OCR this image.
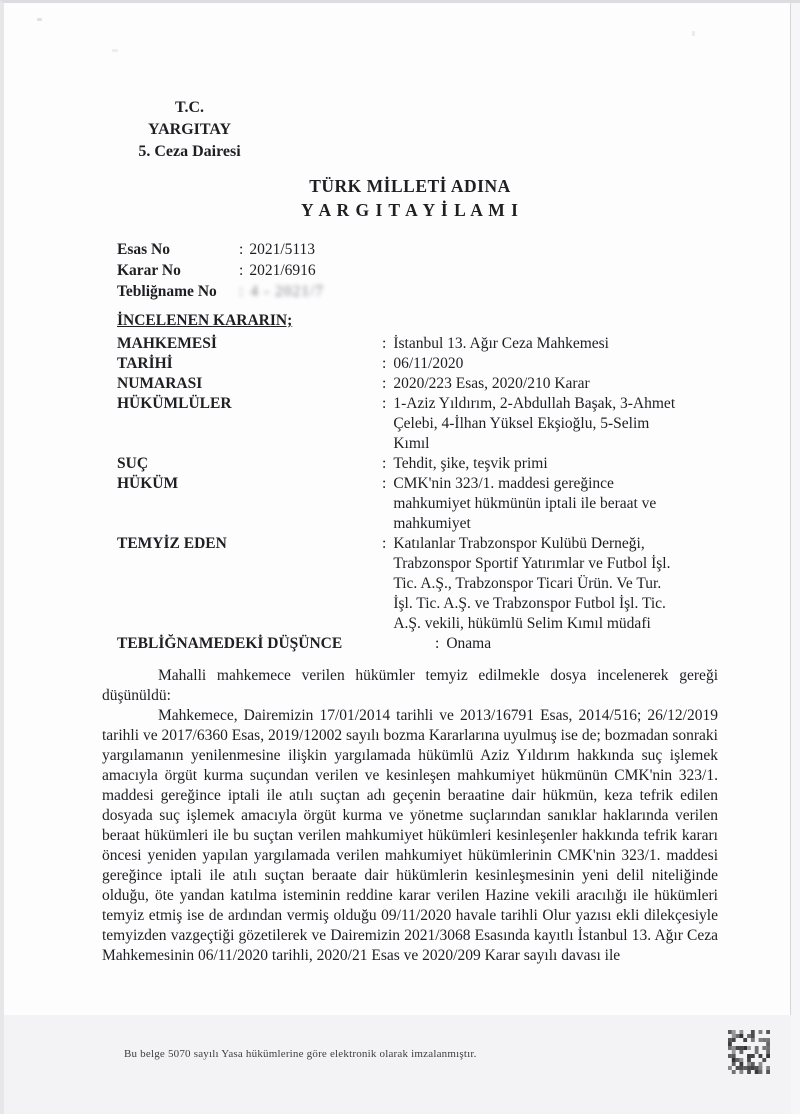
T.C.
YARGITAY
5. Ceza Dairesi
TÜRK MİLLETİ ADINA
Y A R G I T A Y İ L A M I
Esas No	: 2021/5113
Karar No	: 2021/6916
Tebliğname No	: 4 - 2021/7
İNCELENEN KARARIN;
MAHKEMESİ	: İstanbul 13. Ağır Ceza Mahkemesi
TARİHİ	: 06/11/2020
NUMARASI	: 2020/223 Esas, 2020/210 Karar
HÜKÜMLÜLER	: 1-Aziz Yıldırım, 2-Abdullah Başak, 3-Ahmet
Çelebi, 4-İlhan Yüksel Ekşioğlu, 5-Selim
Kımıl
SUÇ	: Tehdit, şike, teşvik primi
HÜKÜM	: CMK'nin 323/1. maddesi gereğince
mahkumiyet hükmünün iptali ile beraat ve
mahkumiyet
TEMYİZ EDEN	: Katılanlar Trabzonspor Kulübü Derneği,
Trabzonspor Sportif Yatırımlar ve Futbol İşl.
Tic. A.Ş., Trabzonspor Ticari Ürün. Ve Tur.
İşl. Tic. A.Ş. ve Trabzonspor Futbol İşl. Tic.
A.Ş. vekili, hükümlü Selim Kımıl müdafi
TEBLİĞNAMEDEKİ DÜŞÜNCE	: Onama

Mahalli mahkemece verilen hükümler temyiz edilmekle dosya incelenerek gereği düşünüldü:

Mahkemece, Dairemizin 17/01/2014 tarihli ve 2013/16791 Esas, 2014/516; 26/12/2019 tarihli ve 2017/6360 Esas, 2019/12002 sayılı bozma Kararlarına uyulmuş ise de; bozmadan sonraki yargılamanın yenilenmesine ilişkin yargılamada hükümlü Aziz Yıldırım hakkında suç işlemek amacıyla örgüt kurma suçundan verilen ve kesinleşen mahkumiyet hükmünün CMK'nin 323/1. maddesi gereğince iptali ile atılı suçtan adı geçenin beraatine dair hükmün, keza tefrik edilen dosyada suç işlemek amacıyla örgüt kurma ve yönetme suçlarından sanıklar haklarında verilen beraat hükümleri ile bu suçtan verilen mahkumiyet hükümleri kesinleşenler hakkında tefrik kararı öncesi yeniden yapılan yargılamada verilen mahkumiyet hükümlerinin CMK'nin 323/1. maddesi gereğince iptali ile atılı suçtan beraate dair hükümlerin kesinleşmesinin yeni delil niteliğinde olduğu, öte yandan katılma isteminin reddine karar verilen Hazine vekili aracılığı ile hükümleri temyiz etmiş ise de ardından vermiş olduğu 09/11/2020 havale tarihli Olur yazısı ekli dilekçesiyle temyizden vazgeçtiği gözetilerek ve Dairemizin 2021/3068 Esasında kayıtlı İstanbul 13. Ağır Ceza Mahkemesinin 06/11/2020 tarihli, 2020/21 Esas ve 2020/209 Karar sayılı davası ile

Bu belge 5070 sayılı Yasa hükümlerine göre elektronik olarak imzalanmıştır.
